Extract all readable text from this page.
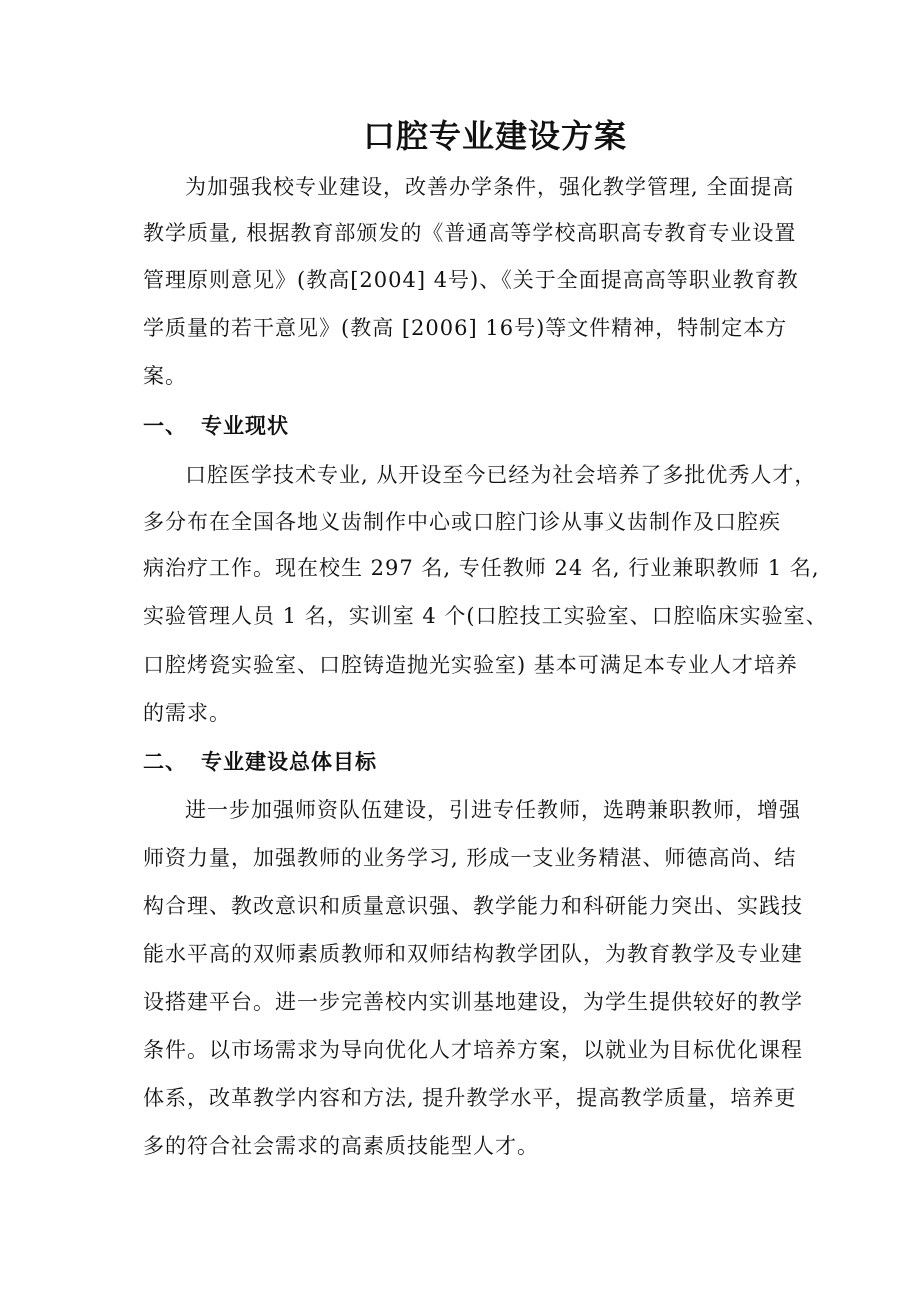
口腔专业建设方案
为加强我校专业建设，改善办学条件，强化教学管理, 全面提高
教学质量, 根据教育部颁发的《普通高等学校高职高专教育专业设置
管理原则意见》(教高[2004] 4号)、《关于全面提高高等职业教育教
学质量的若干意见》(教高 [2006] 16号)等文件精神，特制定本方
案。
一、 专业现状
口腔医学技术专业, 从开设至今已经为社会培养了多批优秀人才，
多分布在全国各地义齿制作中心或口腔门诊从事义齿制作及口腔疾
病治疗工作。现在校生 297 名, 专任教师 24 名, 行业兼职教师 1 名,
实验管理人员 1 名，实训室 4 个(口腔技工实验室、口腔临床实验室、
口腔烤瓷实验室、口腔铸造抛光实验室) 基本可满足本专业人才培养
的需求。
二、 专业建设总体目标
进一步加强师资队伍建设，引进专任教师，选聘兼职教师，增强
师资力量，加强教师的业务学习, 形成一支业务精湛、师德高尚、结
构合理、教改意识和质量意识强、教学能力和科研能力突出、实践技
能水平高的双师素质教师和双师结构教学团队，为教育教学及专业建
设搭建平台。进一步完善校内实训基地建设，为学生提供较好的教学
条件。以市场需求为导向优化人才培养方案，以就业为目标优化课程
体系，改革教学内容和方法, 提升教学水平，提高教学质量，培养更
多的符合社会需求的高素质技能型人才。
